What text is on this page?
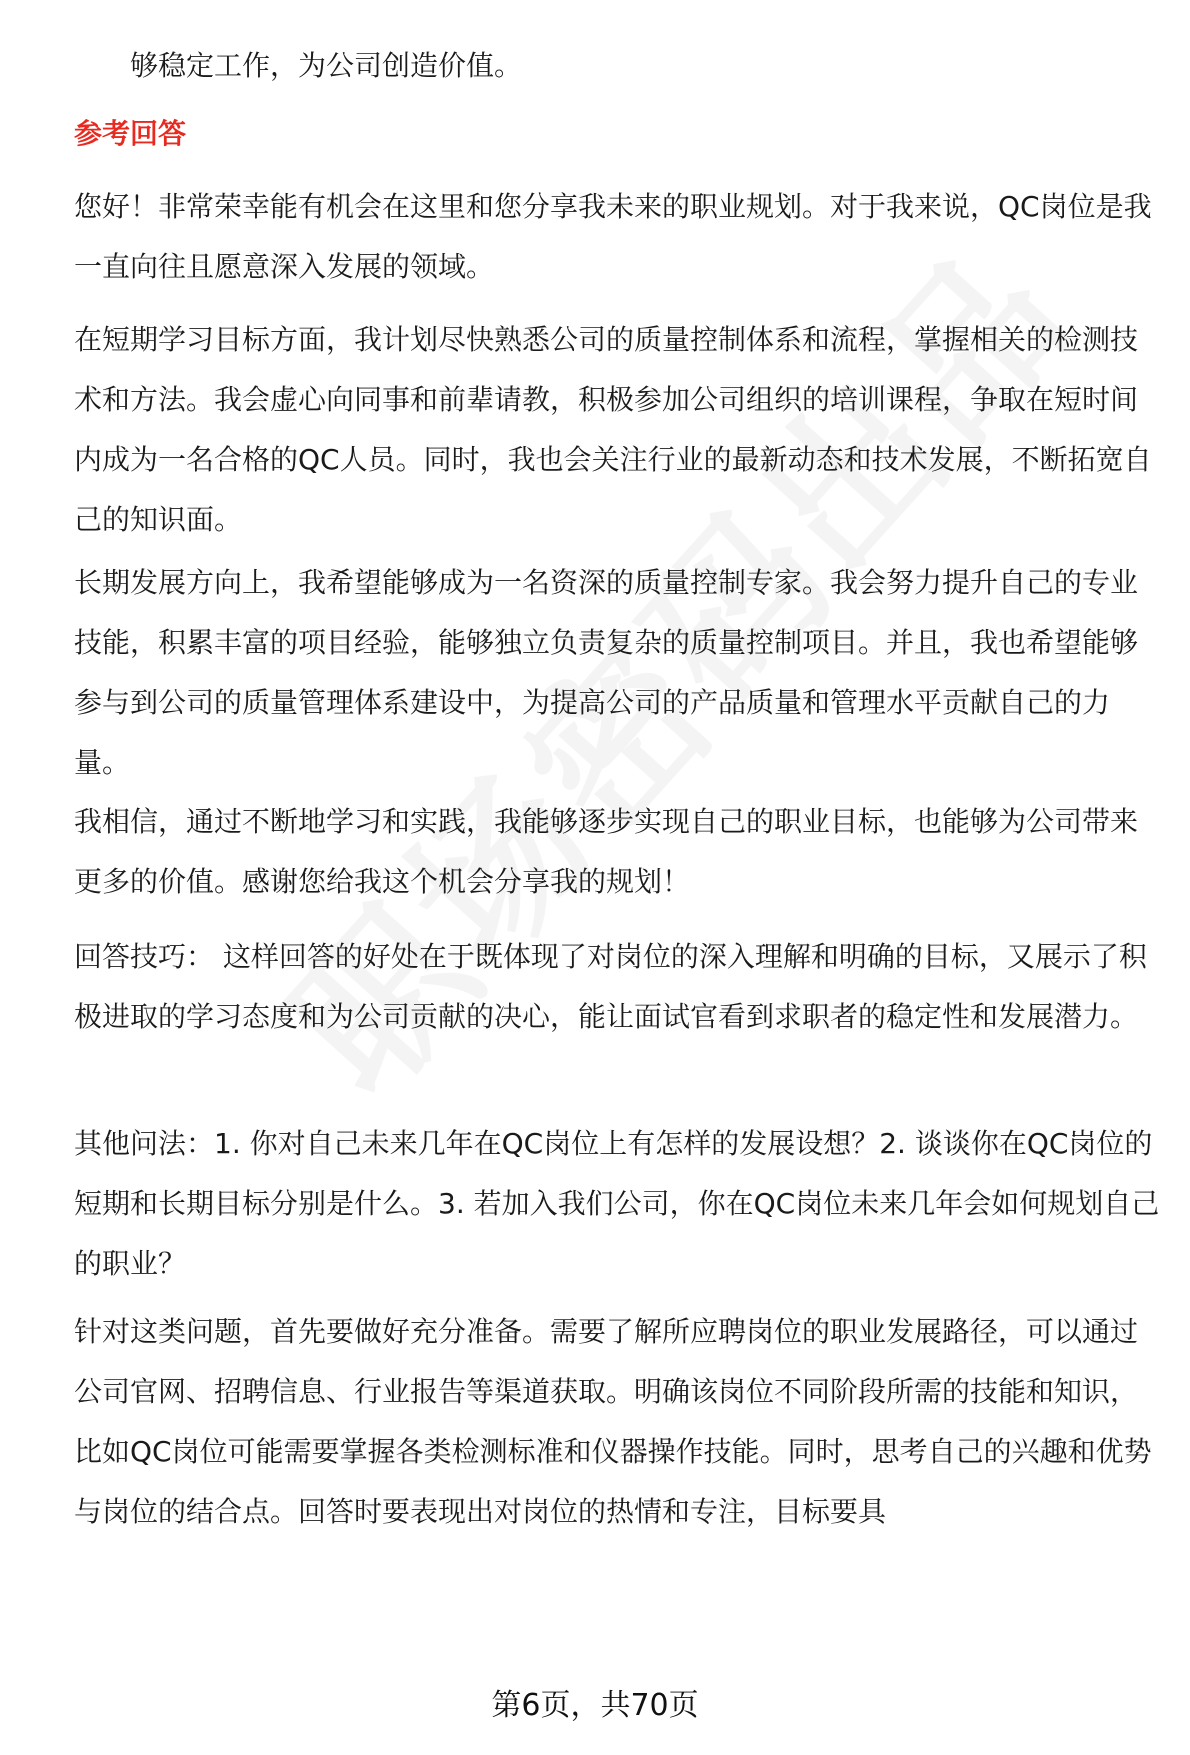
够稳定工作，为公司创造价值。

参考回答

您好！非常荣幸能有机会在这里和您分享我未来的职业规划。对于我来说，QC岗位是我一直向往且愿意深入发展的领域。

在短期学习目标方面，我计划尽快熟悉公司的质量控制体系和流程，掌握相关的检测技术和方法。我会虚心向同事和前辈请教，积极参加公司组织的培训课程，争取在短时间内成为一名合格的QC人员。同时，我也会关注行业的最新动态和技术发展，不断拓宽自己的知识面。

长期发展方向上，我希望能够成为一名资深的质量控制专家。我会努力提升自己的专业技能，积累丰富的项目经验，能够独立负责复杂的质量控制项目。并且，我也希望能够参与到公司的质量管理体系建设中，为提高公司的产品质量和管理水平贡献自己的力量。

我相信，通过不断地学习和实践，我能够逐步实现自己的职业目标，也能够为公司带来更多的价值。感谢您给我这个机会分享我的规划！

回答技巧： 这样回答的好处在于既体现了对岗位的深入理解和明确的目标，又展示了积极进取的学习态度和为公司贡献的决心，能让面试官看到求职者的稳定性和发展潜力。

其他问法：1. 你对自己未来几年在QC岗位上有怎样的发展设想？2. 谈谈你在QC岗位的短期和长期目标分别是什么。3. 若加入我们公司，你在QC岗位未来几年会如何规划自己的职业？

针对这类问题，首先要做好充分准备。需要了解所应聘岗位的职业发展路径，可以通过公司官网、招聘信息、行业报告等渠道获取。明确该岗位不同阶段所需的技能和知识，比如QC岗位可能需要掌握各类检测标准和仪器操作技能。同时，思考自己的兴趣和优势与岗位的结合点。回答时要表现出对岗位的热情和专注，目标要具

第6页，共70页
